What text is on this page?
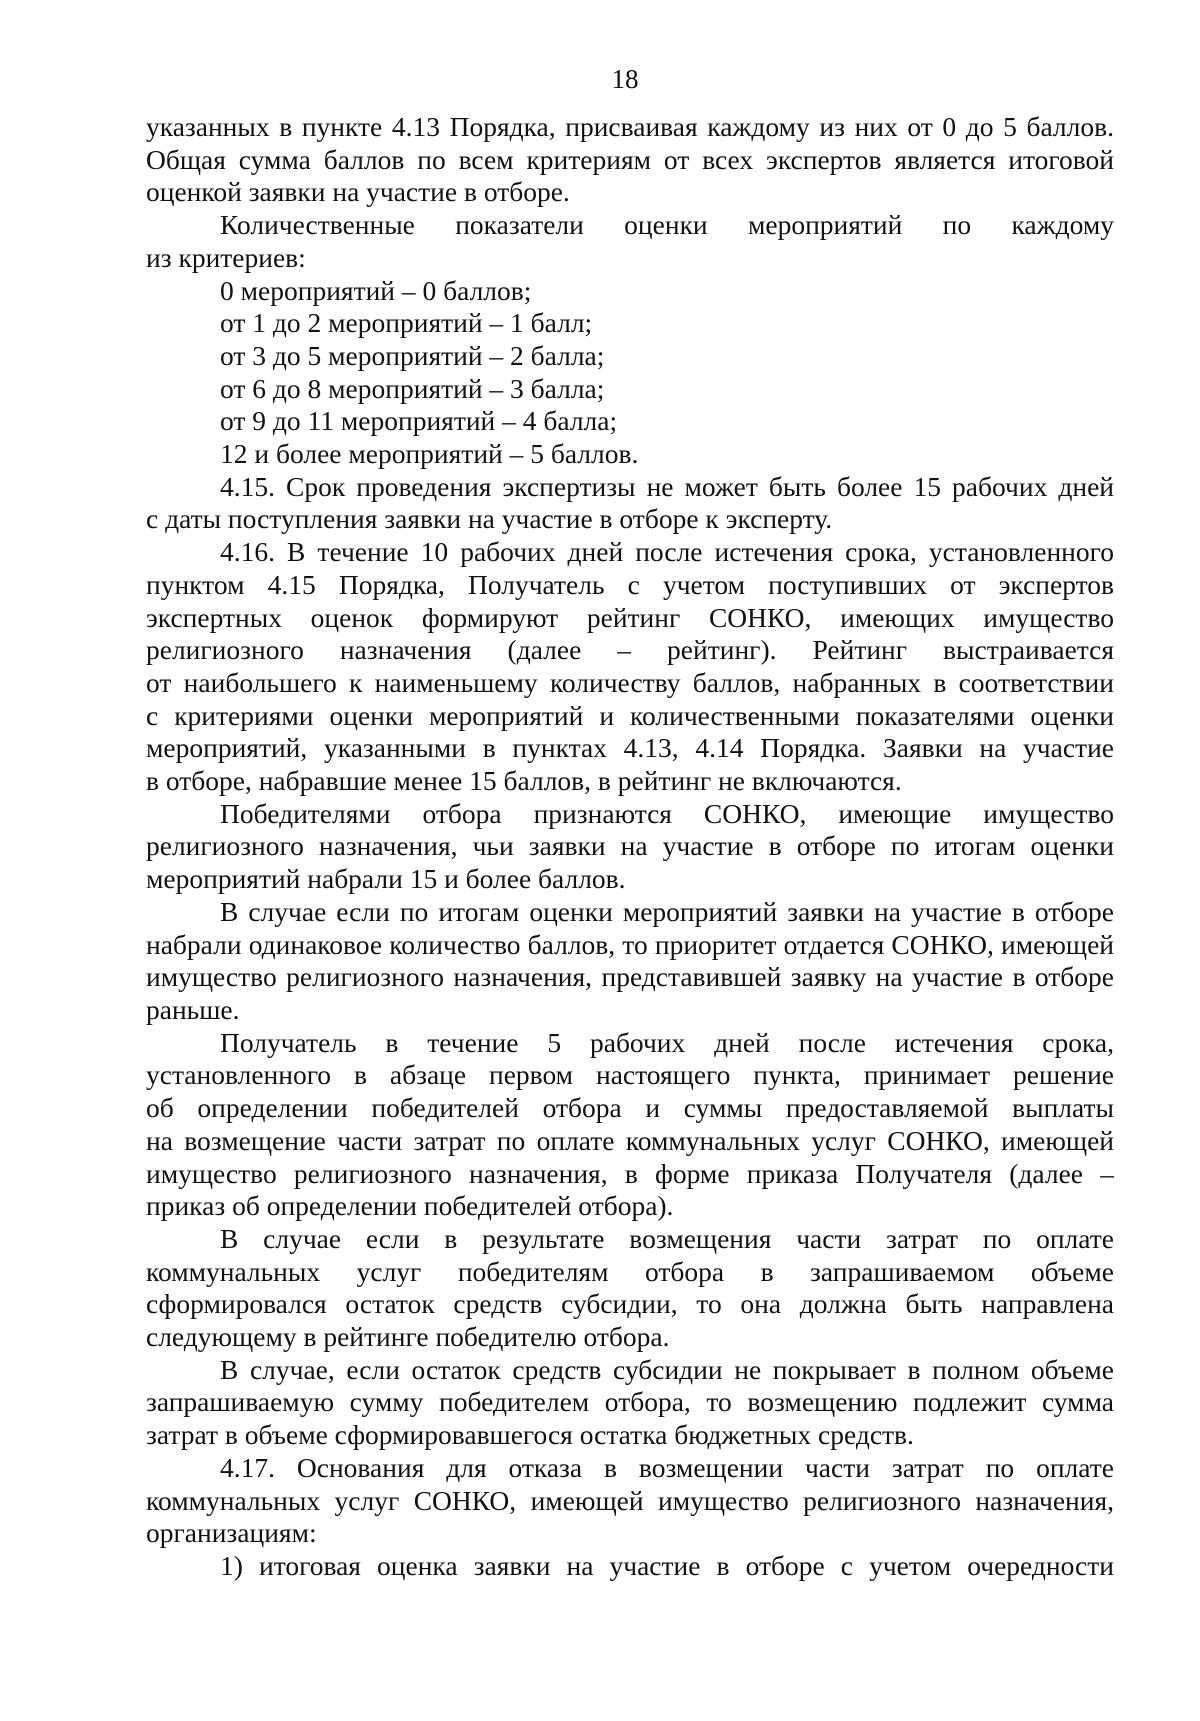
18

указанных в пункте 4.13 Порядка, присваивая каждому из них от 0 до 5 баллов.

Общая сумма баллов по всем критериям от всех экспертов является итоговой

оценкой заявки на участие в отборе.

Количественные показатели оценки мероприятий по каждому

из критериев:

0 мероприятий – 0 баллов;

от 1 до 2 мероприятий – 1 балл;

от 3 до 5 мероприятий – 2 балла;

от 6 до 8 мероприятий – 3 балла;

от 9 до 11 мероприятий – 4 балла;

12 и более мероприятий – 5 баллов.

4.15. Срок проведения экспертизы не может быть более 15 рабочих дней

с даты поступления заявки на участие в отборе к эксперту.

4.16. В течение 10 рабочих дней после истечения срока, установленного

пунктом 4.15 Порядка, Получатель с учетом поступивших от экспертов

экспертных оценок формируют рейтинг СОНКО, имеющих имущество

религиозного назначения (далее – рейтинг). Рейтинг выстраивается

от наибольшего к наименьшему количеству баллов, набранных в соответствии

с критериями оценки мероприятий и количественными показателями оценки

мероприятий, указанными в пунктах 4.13, 4.14 Порядка. Заявки на участие

в отборе, набравшие менее 15 баллов, в рейтинг не включаются.

Победителями отбора признаются СОНКО, имеющие имущество

религиозного назначения, чьи заявки на участие в отборе по итогам оценки

мероприятий набрали 15 и более баллов.

В случае если по итогам оценки мероприятий заявки на участие в отборе

набрали одинаковое количество баллов, то приоритет отдается СОНКО, имеющей

имущество религиозного назначения, представившей заявку на участие в отборе

раньше.

Получатель в течение 5 рабочих дней после истечения срока,

установленного в абзаце первом настоящего пункта, принимает решение

об определении победителей отбора и суммы предоставляемой выплаты

на возмещение части затрат по оплате коммунальных услуг СОНКО, имеющей

имущество религиозного назначения, в форме приказа Получателя (далее –

приказ об определении победителей отбора).

В случае если в результате возмещения части затрат по оплате

коммунальных услуг победителям отбора в запрашиваемом объеме

сформировался остаток средств субсидии, то она должна быть направлена

следующему в рейтинге победителю отбора.

В случае, если остаток средств субсидии не покрывает в полном объеме

запрашиваемую сумму победителем отбора, то возмещению подлежит сумма

затрат в объеме сформировавшегося остатка бюджетных средств.

4.17. Основания для отказа в возмещении части затрат по оплате

коммунальных услуг СОНКО, имеющей имущество религиозного назначения,

организациям:

1) итоговая оценка заявки на участие в отборе с учетом очередности
